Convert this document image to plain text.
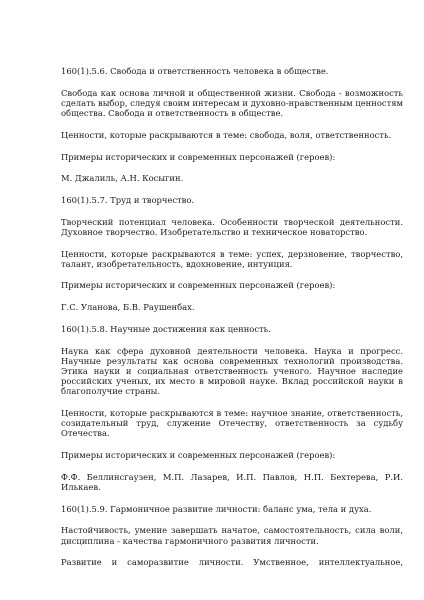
160(1).5.6. Свобода и ответственность человека в обществе.

Свобода как основа личной и общественной жизни. Свобода - возможность сделать выбор, следуя своим интересам и духовно-нравственным ценностям общества. Свобода и ответственность в обществе.

Ценности, которые раскрываются в теме: свобода, воля, ответственность.

Примеры исторических и современных персонажей (героев):

М. Джалиль, А.Н. Косыгин.

160(1).5.7. Труд и творчество.

Творческий потенциал человека. Особенности творческой деятельности. Духовное творчество. Изобретательство и техническое новаторство.

Ценности, которые раскрываются в теме: успех, дерзновение, творчество, талант, изобретательность, вдохновение, интуиция.

Примеры исторических и современных персонажей (героев):

Г.С. Уланова, Б.В. Раушенбах.

160(1).5.8. Научные достижения как ценность.

Наука как сфера духовной деятельности человека. Наука и прогресс. Научные результаты как основа современных технологий производства. Этика науки и социальная ответственность ученого. Научное наследие российских ученых, их место в мировой науке. Вклад российской науки в благополучие страны.

Ценности, которые раскрываются в теме: научное знание, ответственность, созидательный труд, служение Отечеству, ответственность за судьбу Отечества.

Примеры исторических и современных персонажей (героев):

Ф.Ф. Беллинсгаузен, М.П. Лазарев, И.П. Павлов, Н.П. Бехтерева, Р.И. Илькаев.

160(1).5.9. Гармоничное развитие личности: баланс ума, тела и духа.

Настойчивость, умение завершать начатое, самостоятельность, сила воли, дисциплина - качества гармоничного развития личности.

Развитие и саморазвитие личности. Умственное, интеллектуальное,
